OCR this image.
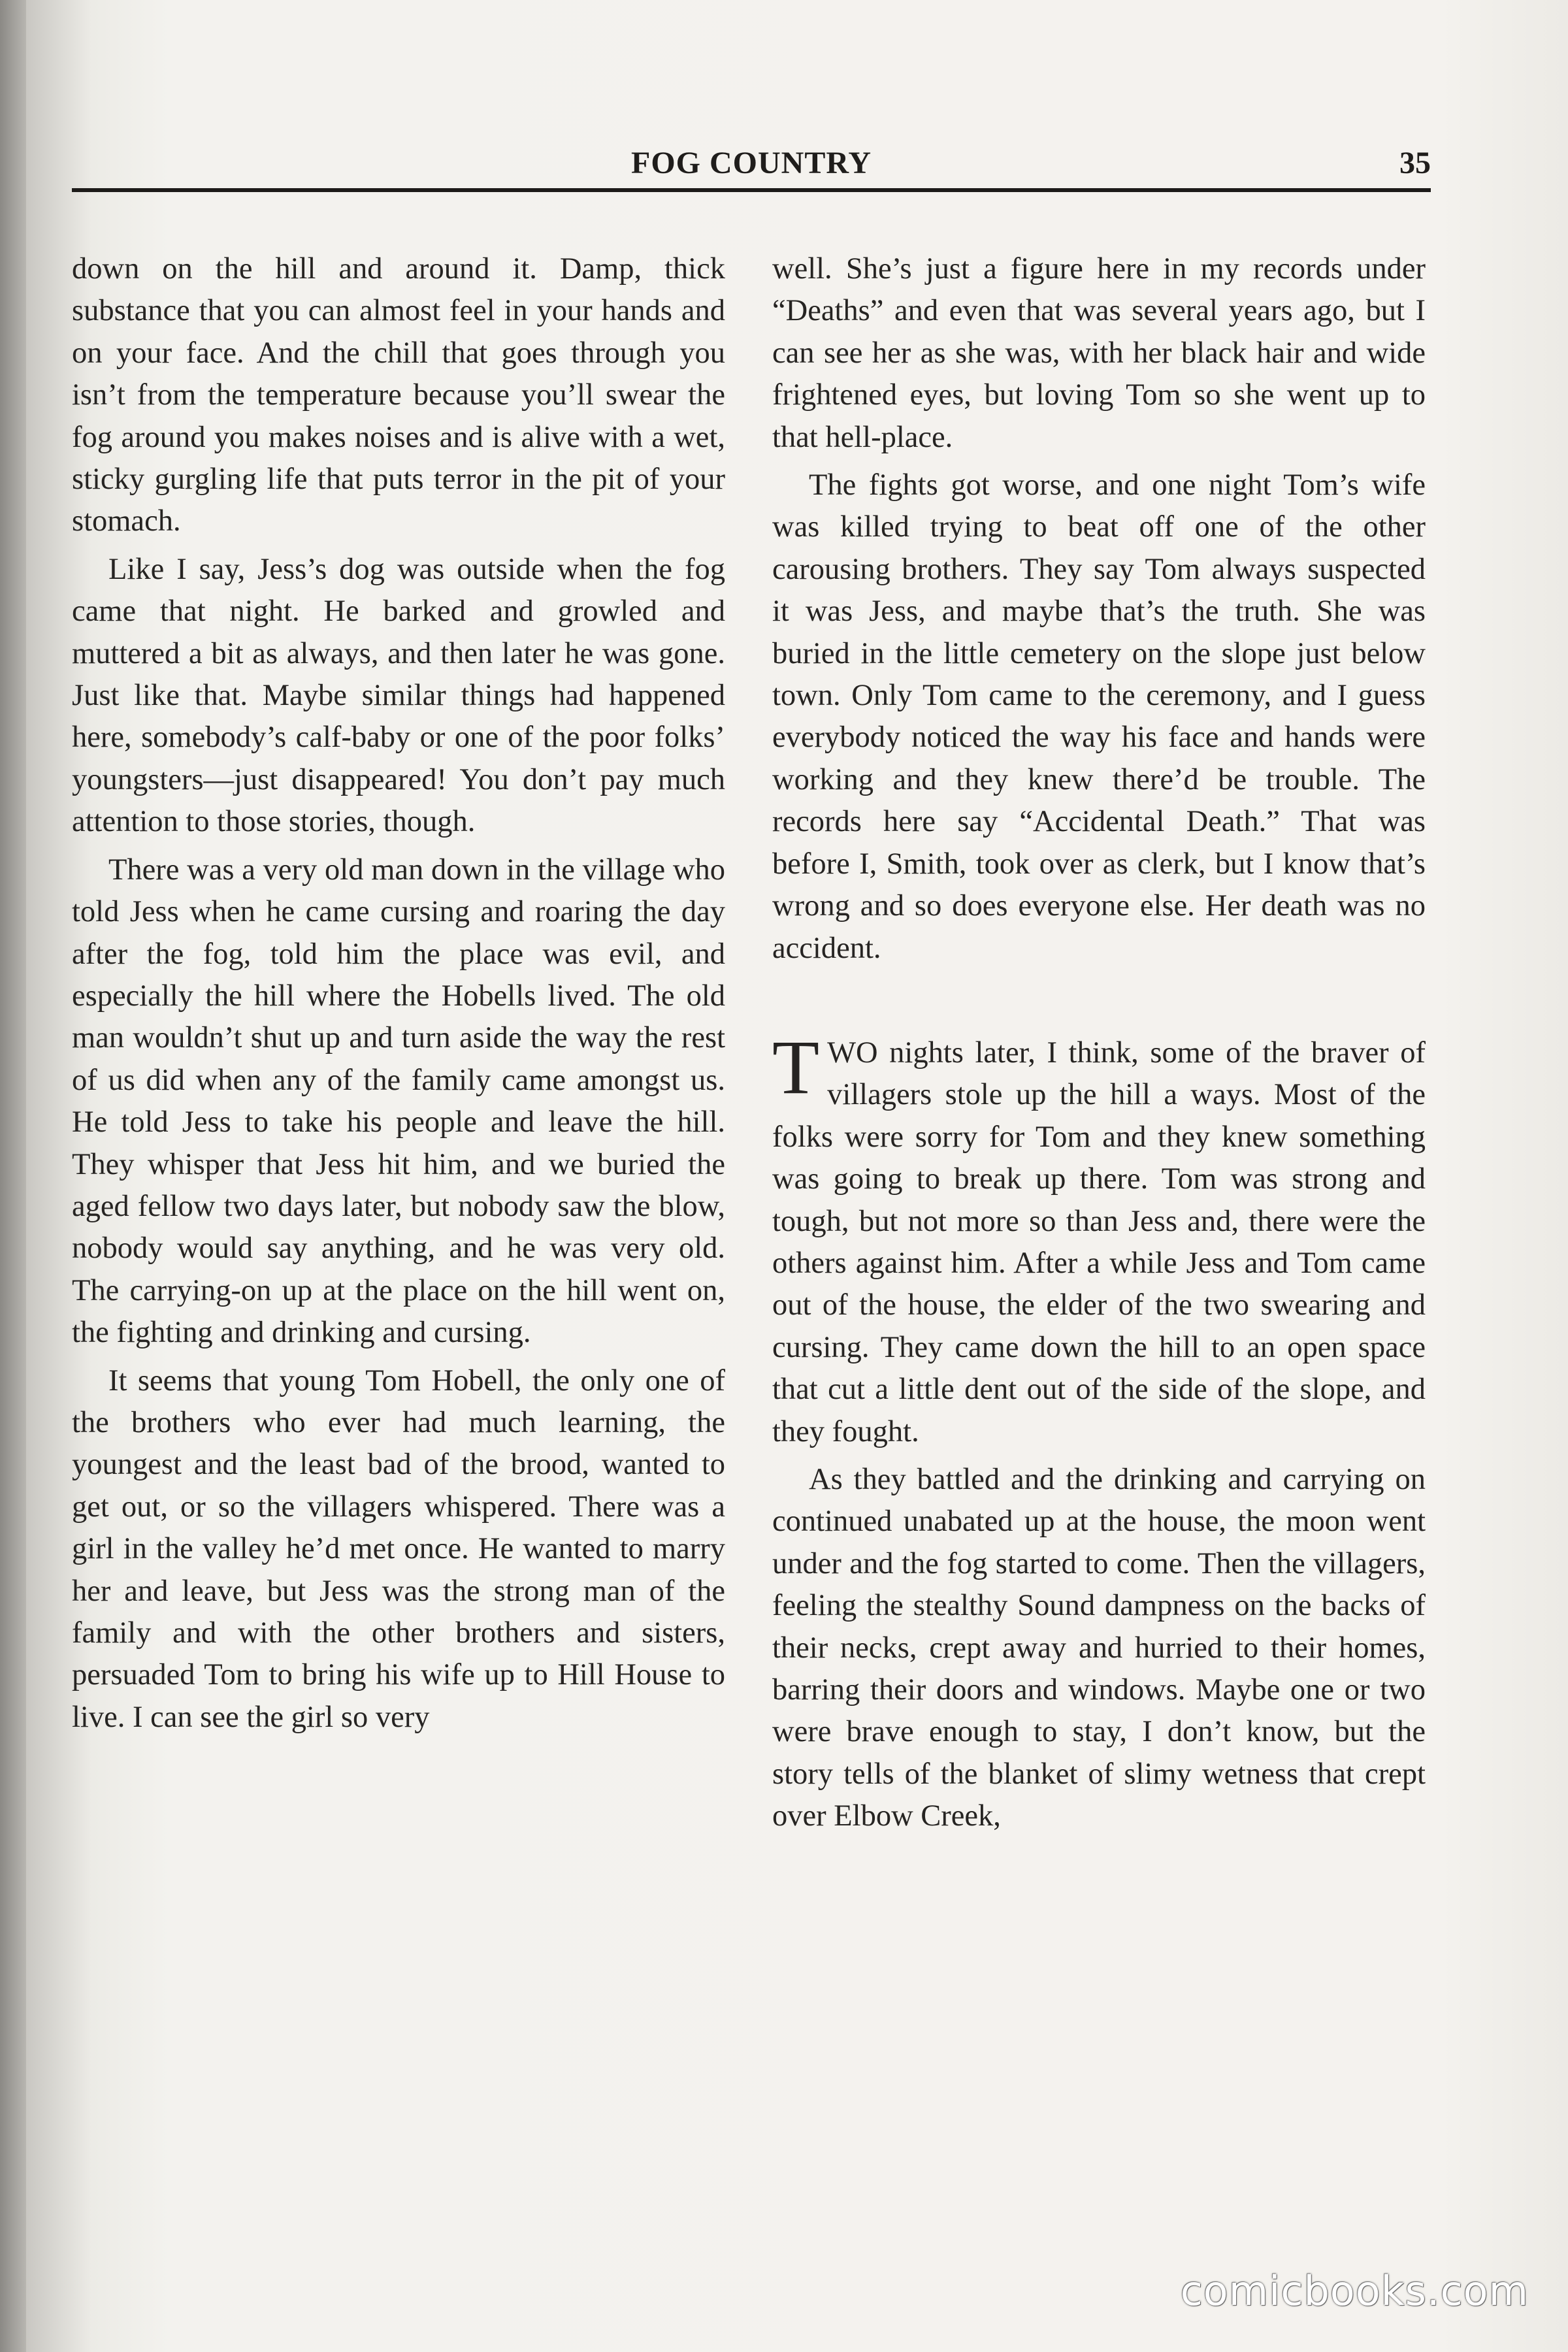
FOG COUNTRY	35

down on the hill and around it. Damp, thick substance that you can almost feel in your hands and on your face. And the chill that goes through you isn’t from the temperature because you’ll swear the fog around you makes noises and is alive with a wet, sticky gurgling life that puts terror in the pit of your stomach.

Like I say, Jess’s dog was outside when the fog came that night. He barked and growled and muttered a bit as always, and then later he was gone. Just like that. Maybe similar things had happened here, somebody’s calf-baby or one of the poor folks’ youngsters—just disappeared! You don’t pay much attention to those stories, though.

There was a very old man down in the village who told Jess when he came cursing and roaring the day after the fog, told him the place was evil, and especially the hill where the Hobells lived. The old man wouldn’t shut up and turn aside the way the rest of us did when any of the family came amongst us. He told Jess to take his people and leave the hill. They whisper that Jess hit him, and we buried the aged fellow two days later, but nobody saw the blow, nobody would say anything, and he was very old. The carrying-on up at the place on the hill went on, the fighting and drinking and cursing.

It seems that young Tom Hobell, the only one of the brothers who ever had much learning, the youngest and the least bad of the brood, wanted to get out, or so the villagers whispered. There was a girl in the valley he’d met once. He wanted to marry her and leave, but Jess was the strong man of the family and with the other brothers and sisters, persuaded Tom to bring his wife up to Hill House to live. I can see the girl so very

well. She’s just a figure here in my records under “Deaths” and even that was several years ago, but I can see her as she was, with her black hair and wide frightened eyes, but loving Tom so she went up to that hell-place.

The fights got worse, and one night Tom’s wife was killed trying to beat off one of the other carousing brothers. They say Tom always suspected it was Jess, and maybe that’s the truth. She was buried in the little cemetery on the slope just below town. Only Tom came to the ceremony, and I guess everybody noticed the way his face and hands were working and they knew there’d be trouble. The records here say “Accidental Death.” That was before I, Smith, took over as clerk, but I know that’s wrong and so does everyone else. Her death was no accident.

TWO nights later, I think, some of the braver of villagers stole up the hill a ways. Most of the folks were sorry for Tom and they knew something was going to break up there. Tom was strong and tough, but not more so than Jess and, there were the others against him. After a while Jess and Tom came out of the house, the elder of the two swearing and cursing. They came down the hill to an open space that cut a little dent out of the side of the slope, and they fought.

As they battled and the drinking and carrying on continued unabated up at the house, the moon went under and the fog started to come. Then the villagers, feeling the stealthy Sound dampness on the backs of their necks, crept away and hurried to their homes, barring their doors and windows. Maybe one or two were brave enough to stay, I don’t know, but the story tells of the blanket of slimy wetness that crept over Elbow Creek,

comicbooks.com
